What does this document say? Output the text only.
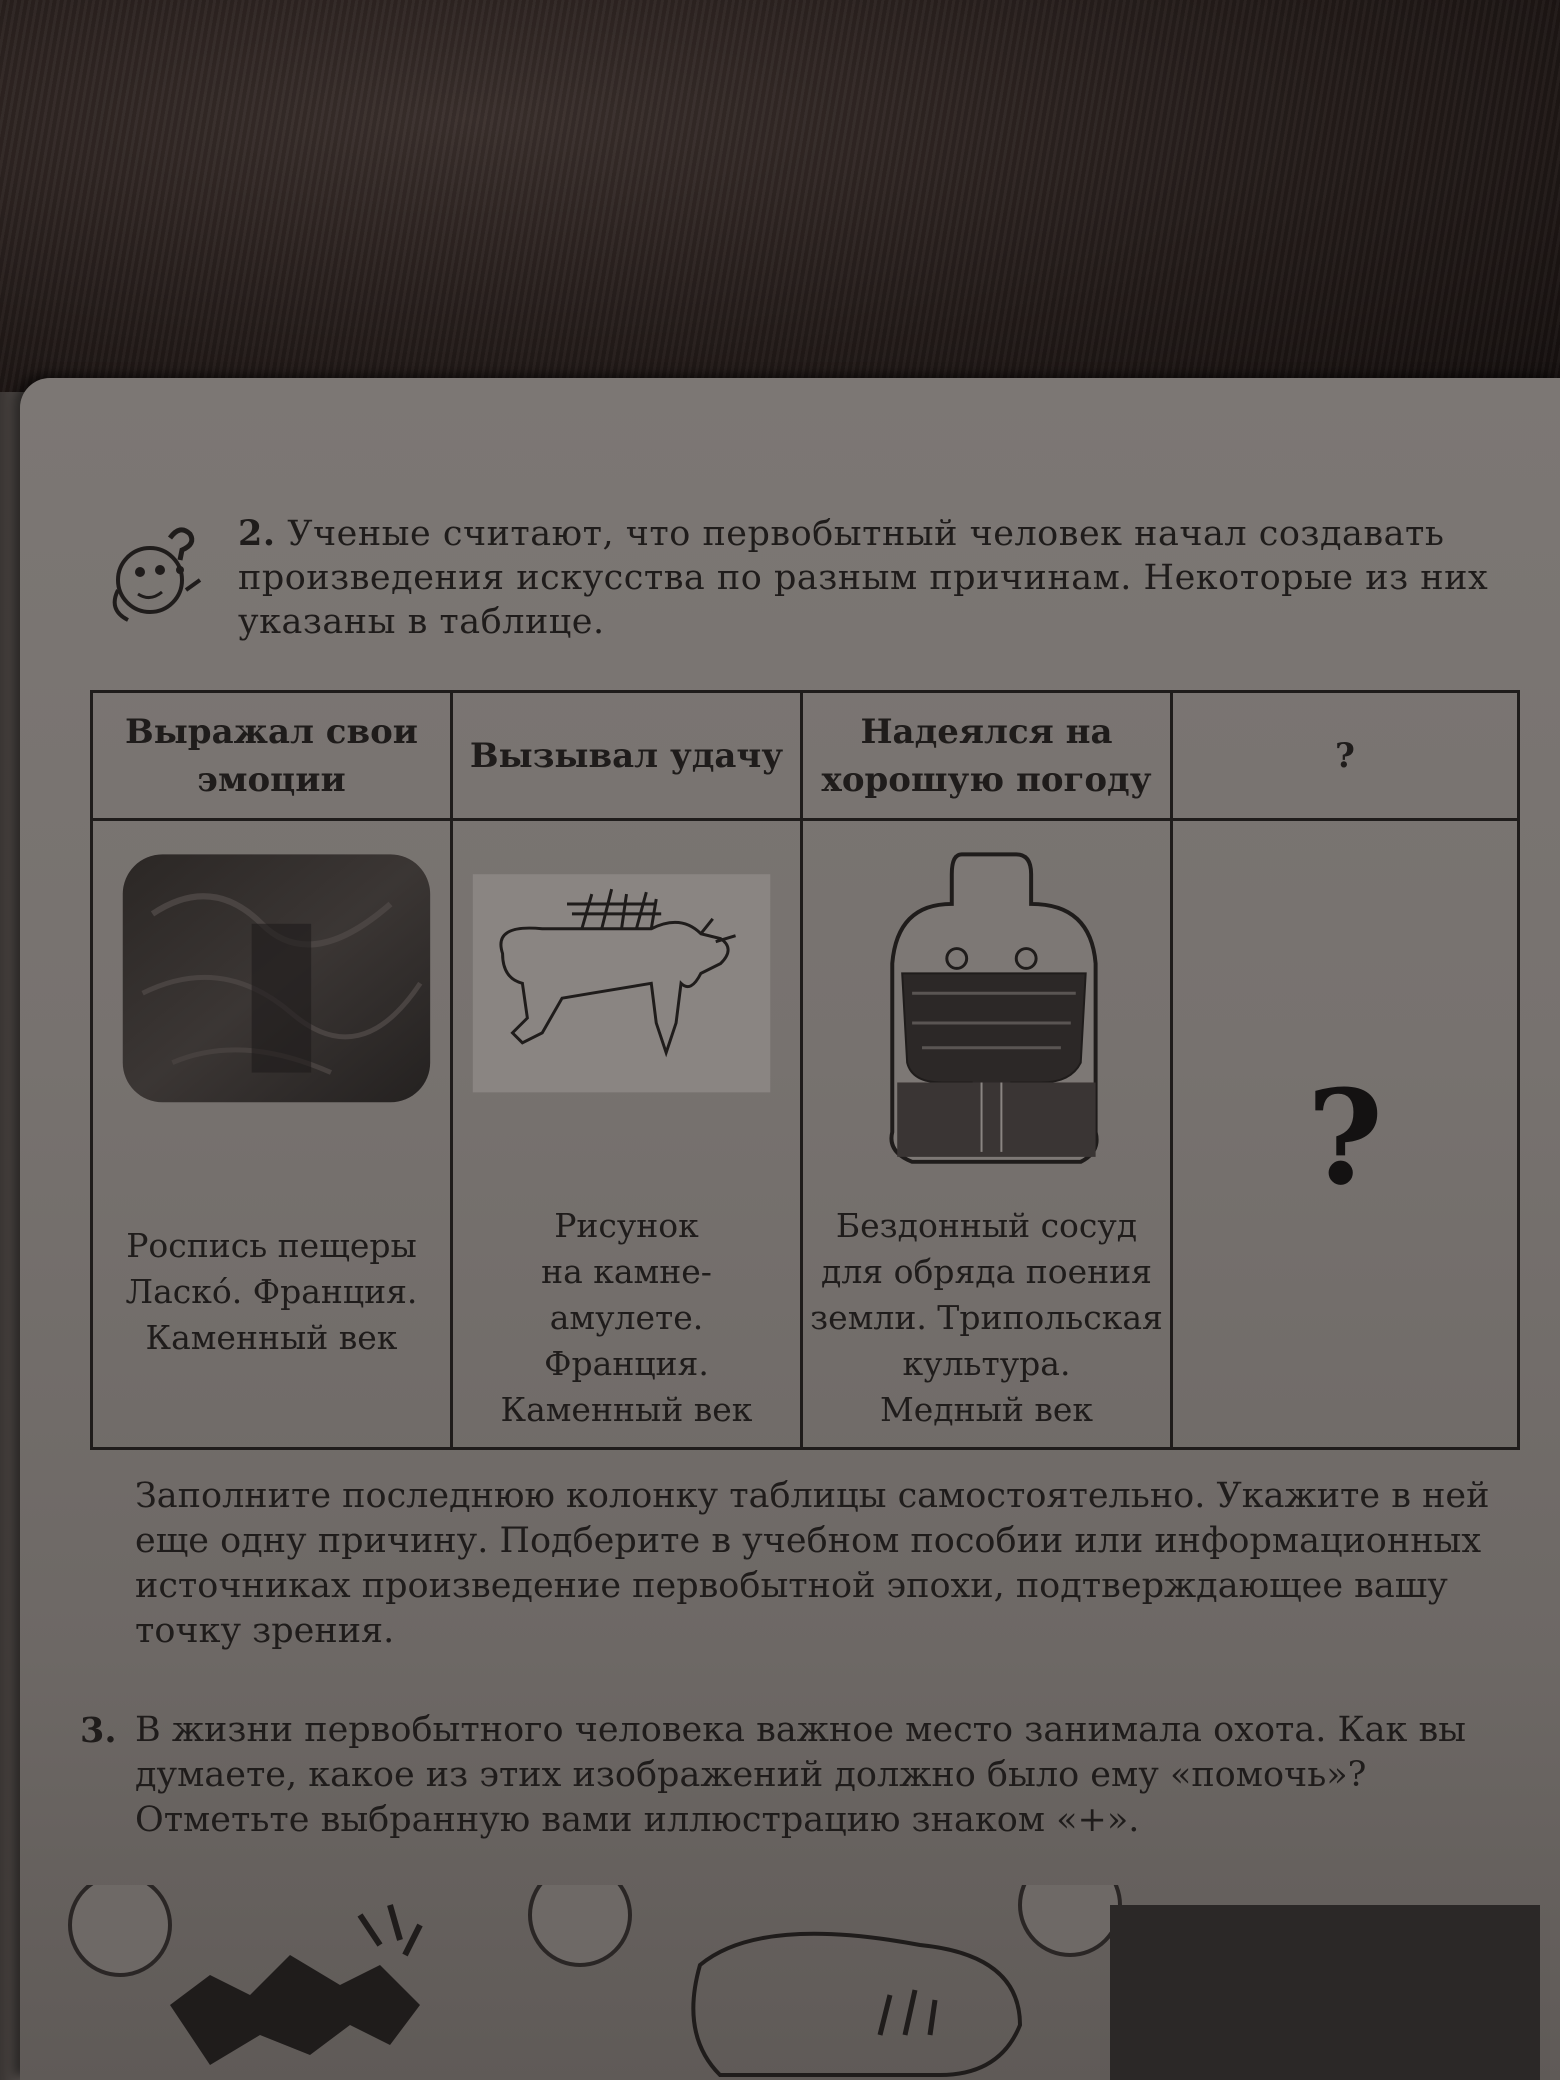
2. Ученые считают, что первобытный человек начал создавать произведения искусства по разным причинам. Некоторые из них указаны в таблице.
Выражал свои эмоции
Роспись пещеры
Ласко́. Франция.
Каменный век
Вызывал удачу
Рисунок
на камне-
амулете.
Франция.
Каменный век
Надеялся на хорошую погоду
Бездонный сосуд
для обряда поения
земли. Трипольская
культура.
Медный век
?
?
Заполните последнюю колонку таблицы самостоятельно. Укажите в ней еще одну причину. Подберите в учебном пособии или информационных источниках произведение первобытной эпохи, подтверждающее вашу точку зрения.
3. В жизни первобытного человека важное место занимала охота. Как вы думаете, какое из этих изображений должно было ему «помочь»? Отметьте выбранную вами иллюстрацию знаком «+».
